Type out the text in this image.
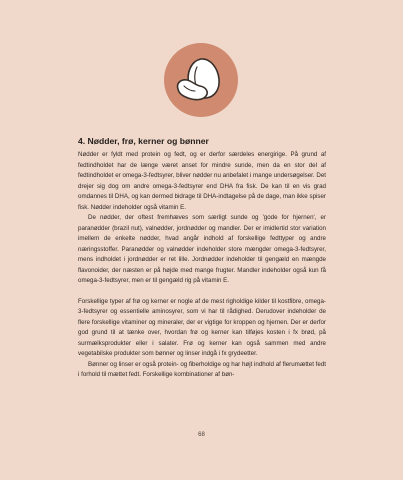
4. Nødder, frø, kerner og bønner

Nødder er fyldt med protein og fedt, og er derfor særdeles energirige. På grund af fedtindholdet har de længe været anset for mindre sunde, men da en stor del af fedtindholdet er omega-3-fedtsyrer, bliver nødder nu anbefalet i mange undersøgelser. Det drejer sig dog om andre omega-3-fedtsyrer end DHA fra fisk. De kan til en vis grad omdannes til DHA, og kan dermed bidrage til DHA-indtagelse på de dage, man ikke spiser fisk. Nødder indeholder også vitamin E.

De nødder, der oftest fremhæves som særligt sunde og 'gode for hjernen', er paranødder (brazil nut), valnødder, jordnødder og mandler. Der er imidlertid stor variation imellem de enkelte nødder, hvad angår indhold af forskellige fedttyper og andre næringsstoffer. Paranødder og valnødder indeholder store mængder omega-3-fedtsyrer, mens indholdet i jordnødder er ret lille. Jordnødder indeholder til gengæld en mængde flavonoider, der næsten er på højde med mange frugter. Mandler indeholder også kun få omega-3-fedtsyrer, men er til gengæld rig på vitamin E.

Forskellige typer af frø og kerner er nogle af de mest righoldige kilder til kostfibre, omega-3-fedtsyrer og essentielle aminosyrer, som vi har til rådighed. Derudover indeholder de flere forskellige vitaminer og mineraler, der er vigtige for kroppen og hjernen. Der er derfor god grund til at tænke over, hvordan frø og kerner kan tilføjes kosten i fx brød, på surmælksprodukter eller i salater. Frø og kerner kan også sammen med andre vegetabilske produkter som bønner og linser indgå i fx grydeetter.

Bønner og linser er også protein- og fiberholdige og har højt indhold af flerumættet fedt i forhold til mættet fedt. Forskellige kombinationer af bøn-

68
